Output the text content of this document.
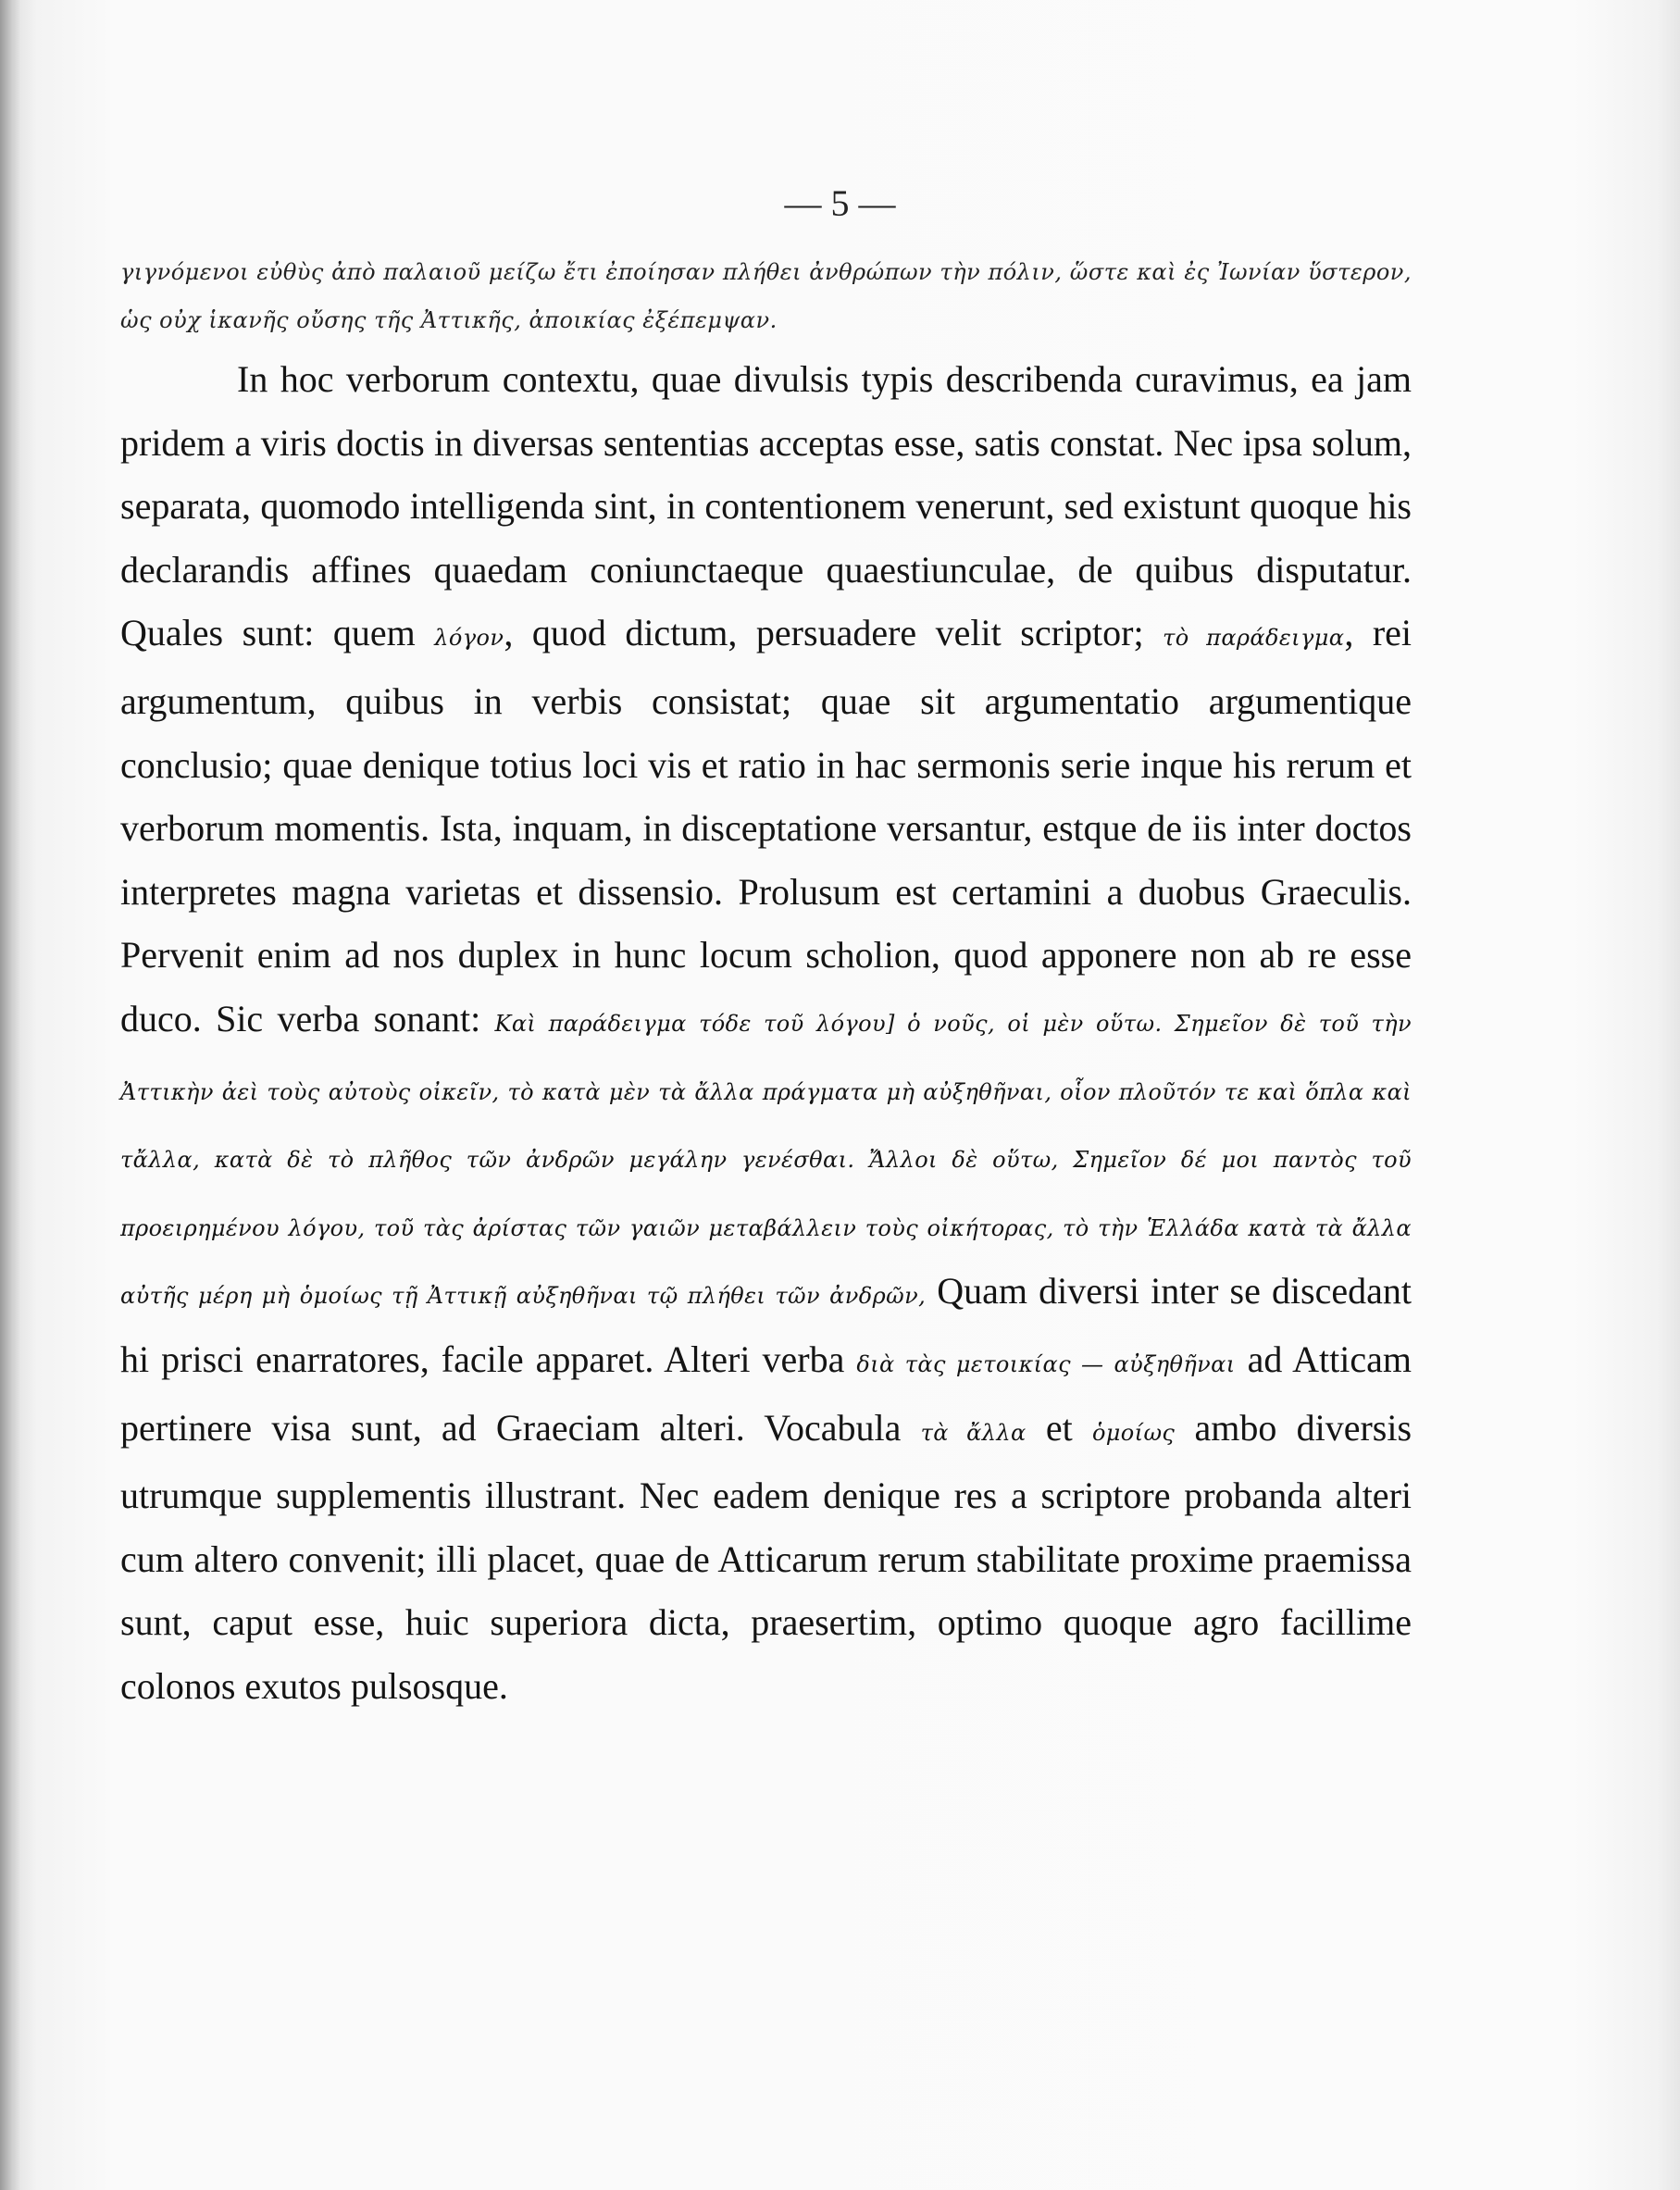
— 5 —
γιγνόμενοι εὐθὺς ἀπὸ παλαιοῦ μείζω ἔτι ἐποίησαν πλήθει ἀνθρώπων τὴν πόλιν, ὥστε καὶ ἐς Ἰωνίαν ὕστερον, ὡς οὐχ ἱκανῆς οὔσης τῆς Ἀττικῆς, ἀποικίας ἐξέπεμψαν.

In hoc verborum contextu, quae divulsis typis describenda curavimus, ea jam pridem a viris doctis in diversas sententias acceptas esse, satis constat. Nec ipsa solum, separata, quomodo intelligenda sint, in contentionem venerunt, sed existunt quoque his declarandis affines quaedam coniunctaeque quaestiunculae, de quibus disputatur. Quales sunt: quem λόγον, quod dictum, persuadere velit scriptor; τὸ παράδειγμα, rei argumentum, quibus in verbis consistat; quae sit argumentatio argumentique conclusio; quae denique totius loci vis et ratio in hac sermonis serie inque his rerum et verborum momentis. Ista, inquam, in disceptatione versantur, estque de iis inter doctos interpretes magna varietas et dissensio. Prolusum est certamini a duobus Graeculis. Pervenit enim ad nos duplex in hunc locum scholion, quod apponere non ab re esse duco. Sic verba sonant: Καὶ παράδειγμα τόδε τοῦ λόγου] ὁ νοῦς, οἱ μὲν οὕτω. Σημεῖον δὲ τοῦ τὴν Ἀττικὴν ἀεὶ τοὺς αὐτοὺς οἰκεῖν, τὸ κατὰ μὲν τὰ ἄλλα πράγματα μὴ αὐξηθῆναι, οἷον πλοῦτόν τε καὶ ὅπλα καὶ τἄλλα, κατὰ δὲ τὸ πλῆθος τῶν ἀνδρῶν μεγάλην γενέσθαι. Ἄλλοι δὲ οὕτω, Σημεῖον δέ μοι παντὸς τοῦ προειρημένου λόγου, τοῦ τὰς ἀρίστας τῶν γαιῶν μεταβάλλειν τοὺς οἰκήτορας, τὸ τὴν Ἑλλάδα κατὰ τὰ ἄλλα αὐτῆς μέρη μὴ ὁμοίως τῇ Ἀττικῇ αὐξηθῆναι τῷ πλήθει τῶν ἀνδρῶν, Quam diversi inter se discedant hi prisci enarratores, facile apparet. Alteri verba διὰ τὰς μετοικίας — αὐξηθῆναι ad Atticam pertinere visa sunt, ad Graeciam alteri. Vocabula τὰ ἄλλα et ὁμοίως ambo diversis utrumque supplementis illustrant. Nec eadem denique res a scriptore probanda alteri cum altero convenit; illi placet, quae de Atticarum rerum stabilitate proxime praemissa sunt, caput esse, huic superiora dicta, praesertim, optimo quoque agro facillime colonos exutos pulsosque.
